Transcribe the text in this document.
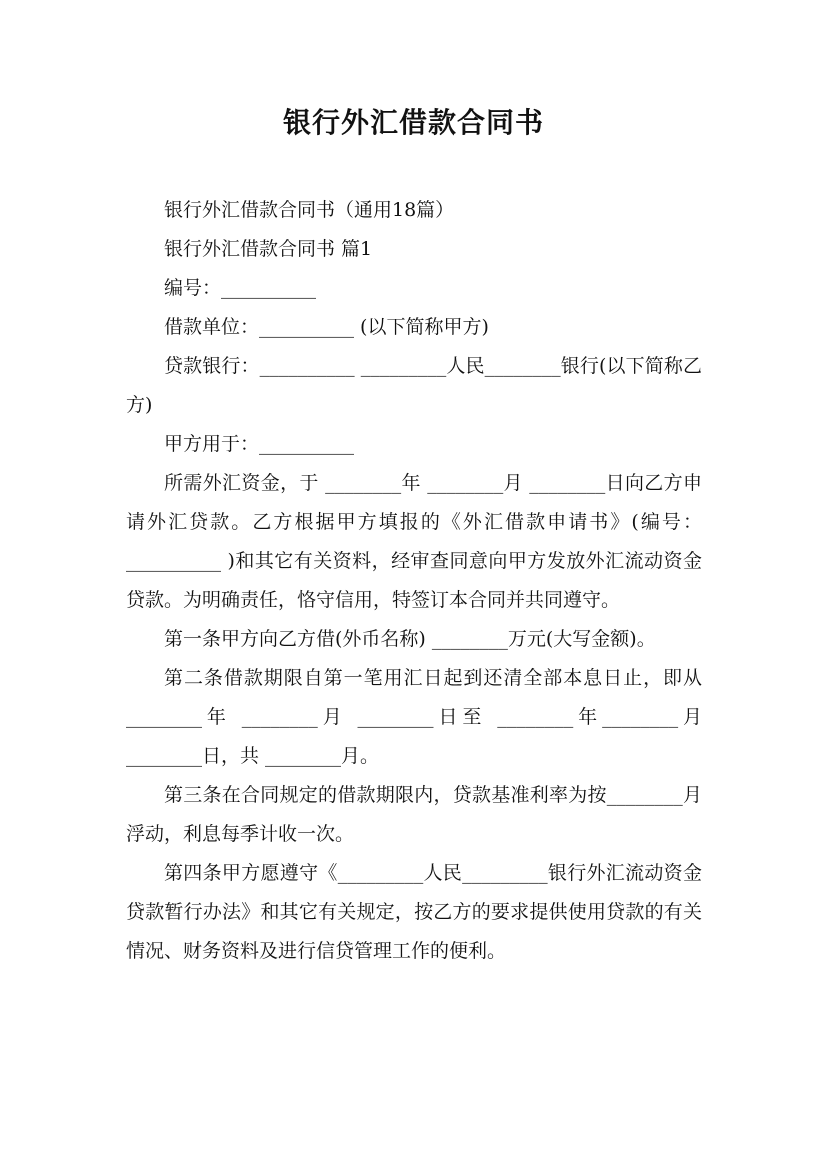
银行外汇借款合同书

银行外汇借款合同书（通用18篇）

银行外汇借款合同书 篇1

编号：__________

借款单位：__________ (以下简称甲方)

贷款银行：__________ _________人民________银行(以下简称乙方)

甲方用于：__________

所需外汇资金，于 ________年 ________月 ________日向乙方申请外汇贷款。乙方根据甲方填报的《外汇借款申请书》(编号：__________ )和其它有关资料，经审查同意向甲方发放外汇流动资金贷款。为明确责任，恪守信用，特签订本合同并共同遵守。

第一条甲方向乙方借(外币名称) ________万元(大写金额)。

第二条借款期限自第一笔用汇日起到还清全部本息日止，即从 ________年 ________月 ________日至 ________年________月 ________日，共 ________月。

第三条在合同规定的借款期限内，贷款基准利率为按________月浮动，利息每季计收一次。

第四条甲方愿遵守《_________人民_________银行外汇流动资金贷款暂行办法》和其它有关规定，按乙方的要求提供使用贷款的有关情况、财务资料及进行信贷管理工作的便利。
